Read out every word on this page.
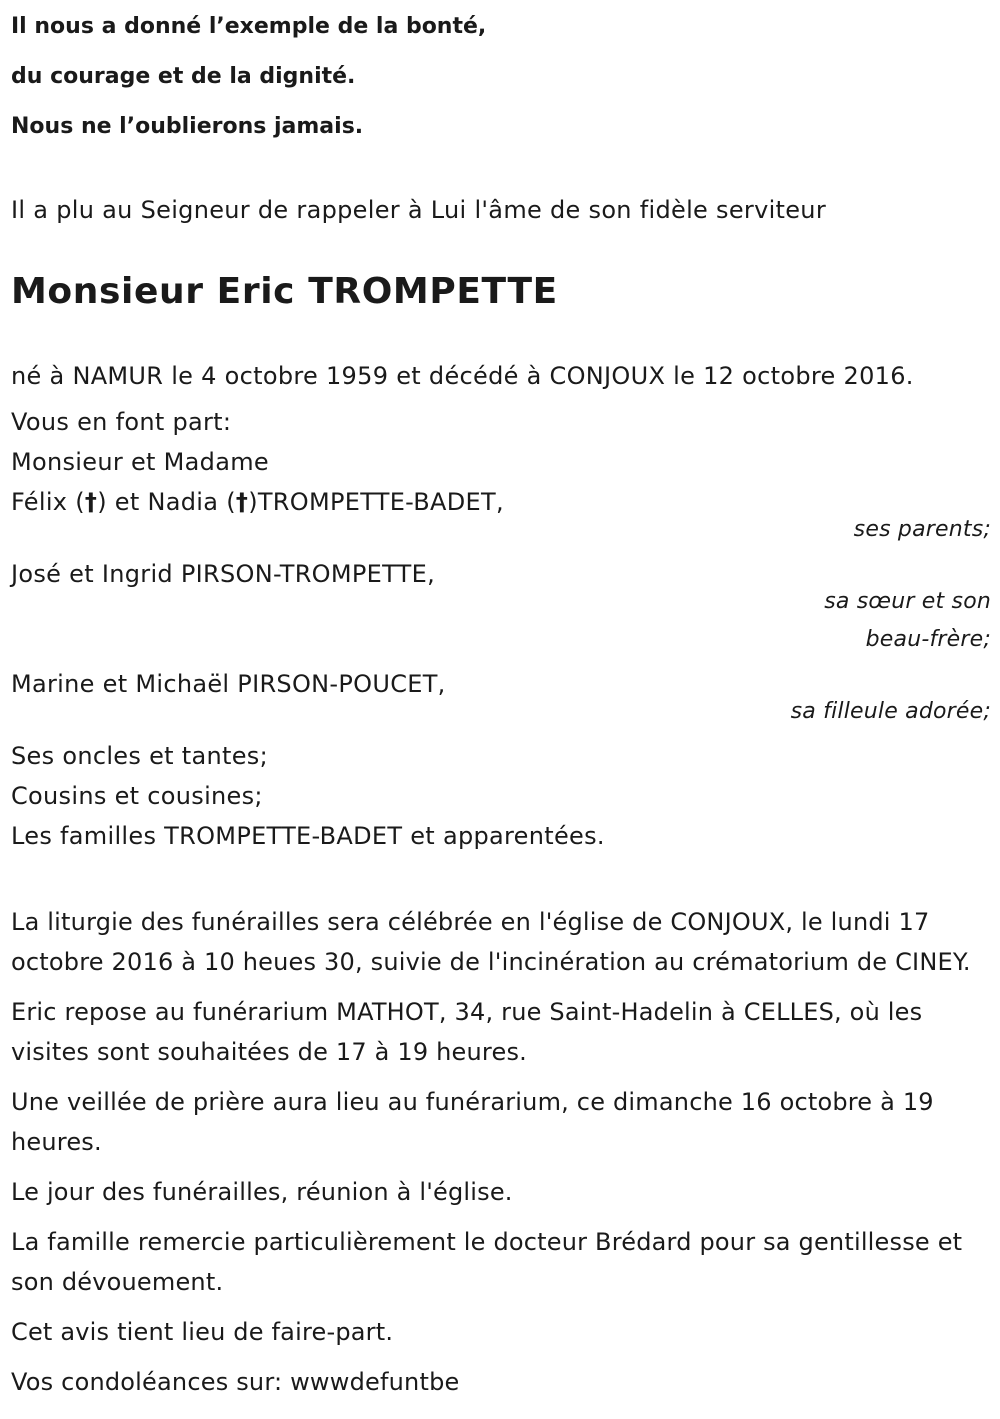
Il nous a donné l’exemple de la bonté,
du courage et de la dignité.
Nous ne l’oublierons jamais.
Il a plu au Seigneur de rappeler à Lui l'âme de son fidèle serviteur
Monsieur Eric TROMPETTE
né à NAMUR le 4 octobre 1959 et décédé à CONJOUX le 12 octobre 2016.
Vous en font part:
Monsieur et Madame
Félix (†) et Nadia (†)TROMPETTE-BADET,
ses parents;
José et Ingrid PIRSON-TROMPETTE,
sa sœur et son
beau-frère;
Marine et Michaël PIRSON-POUCET,
sa filleule adorée;
Ses oncles et tantes;
Cousins et cousines;
Les familles TROMPETTE-BADET et apparentées.
La liturgie des funérailles sera célébrée en l'église de CONJOUX, le lundi 17 octobre 2016 à 10 heues 30, suivie de l'incinération au crématorium de CINEY.
Eric repose au funérarium MATHOT, 34, rue Saint-Hadelin à CELLES, où les visites sont souhaitées de 17 à 19 heures.
Une veillée de prière aura lieu au funérarium, ce dimanche 16 octobre à 19 heures.
Le jour des funérailles, réunion à l'église.
La famille remercie particulièrement le docteur Brédard pour sa gentillesse et son dévouement.
Cet avis tient lieu de faire-part.
Vos condoléances sur: wwwdefuntbe
